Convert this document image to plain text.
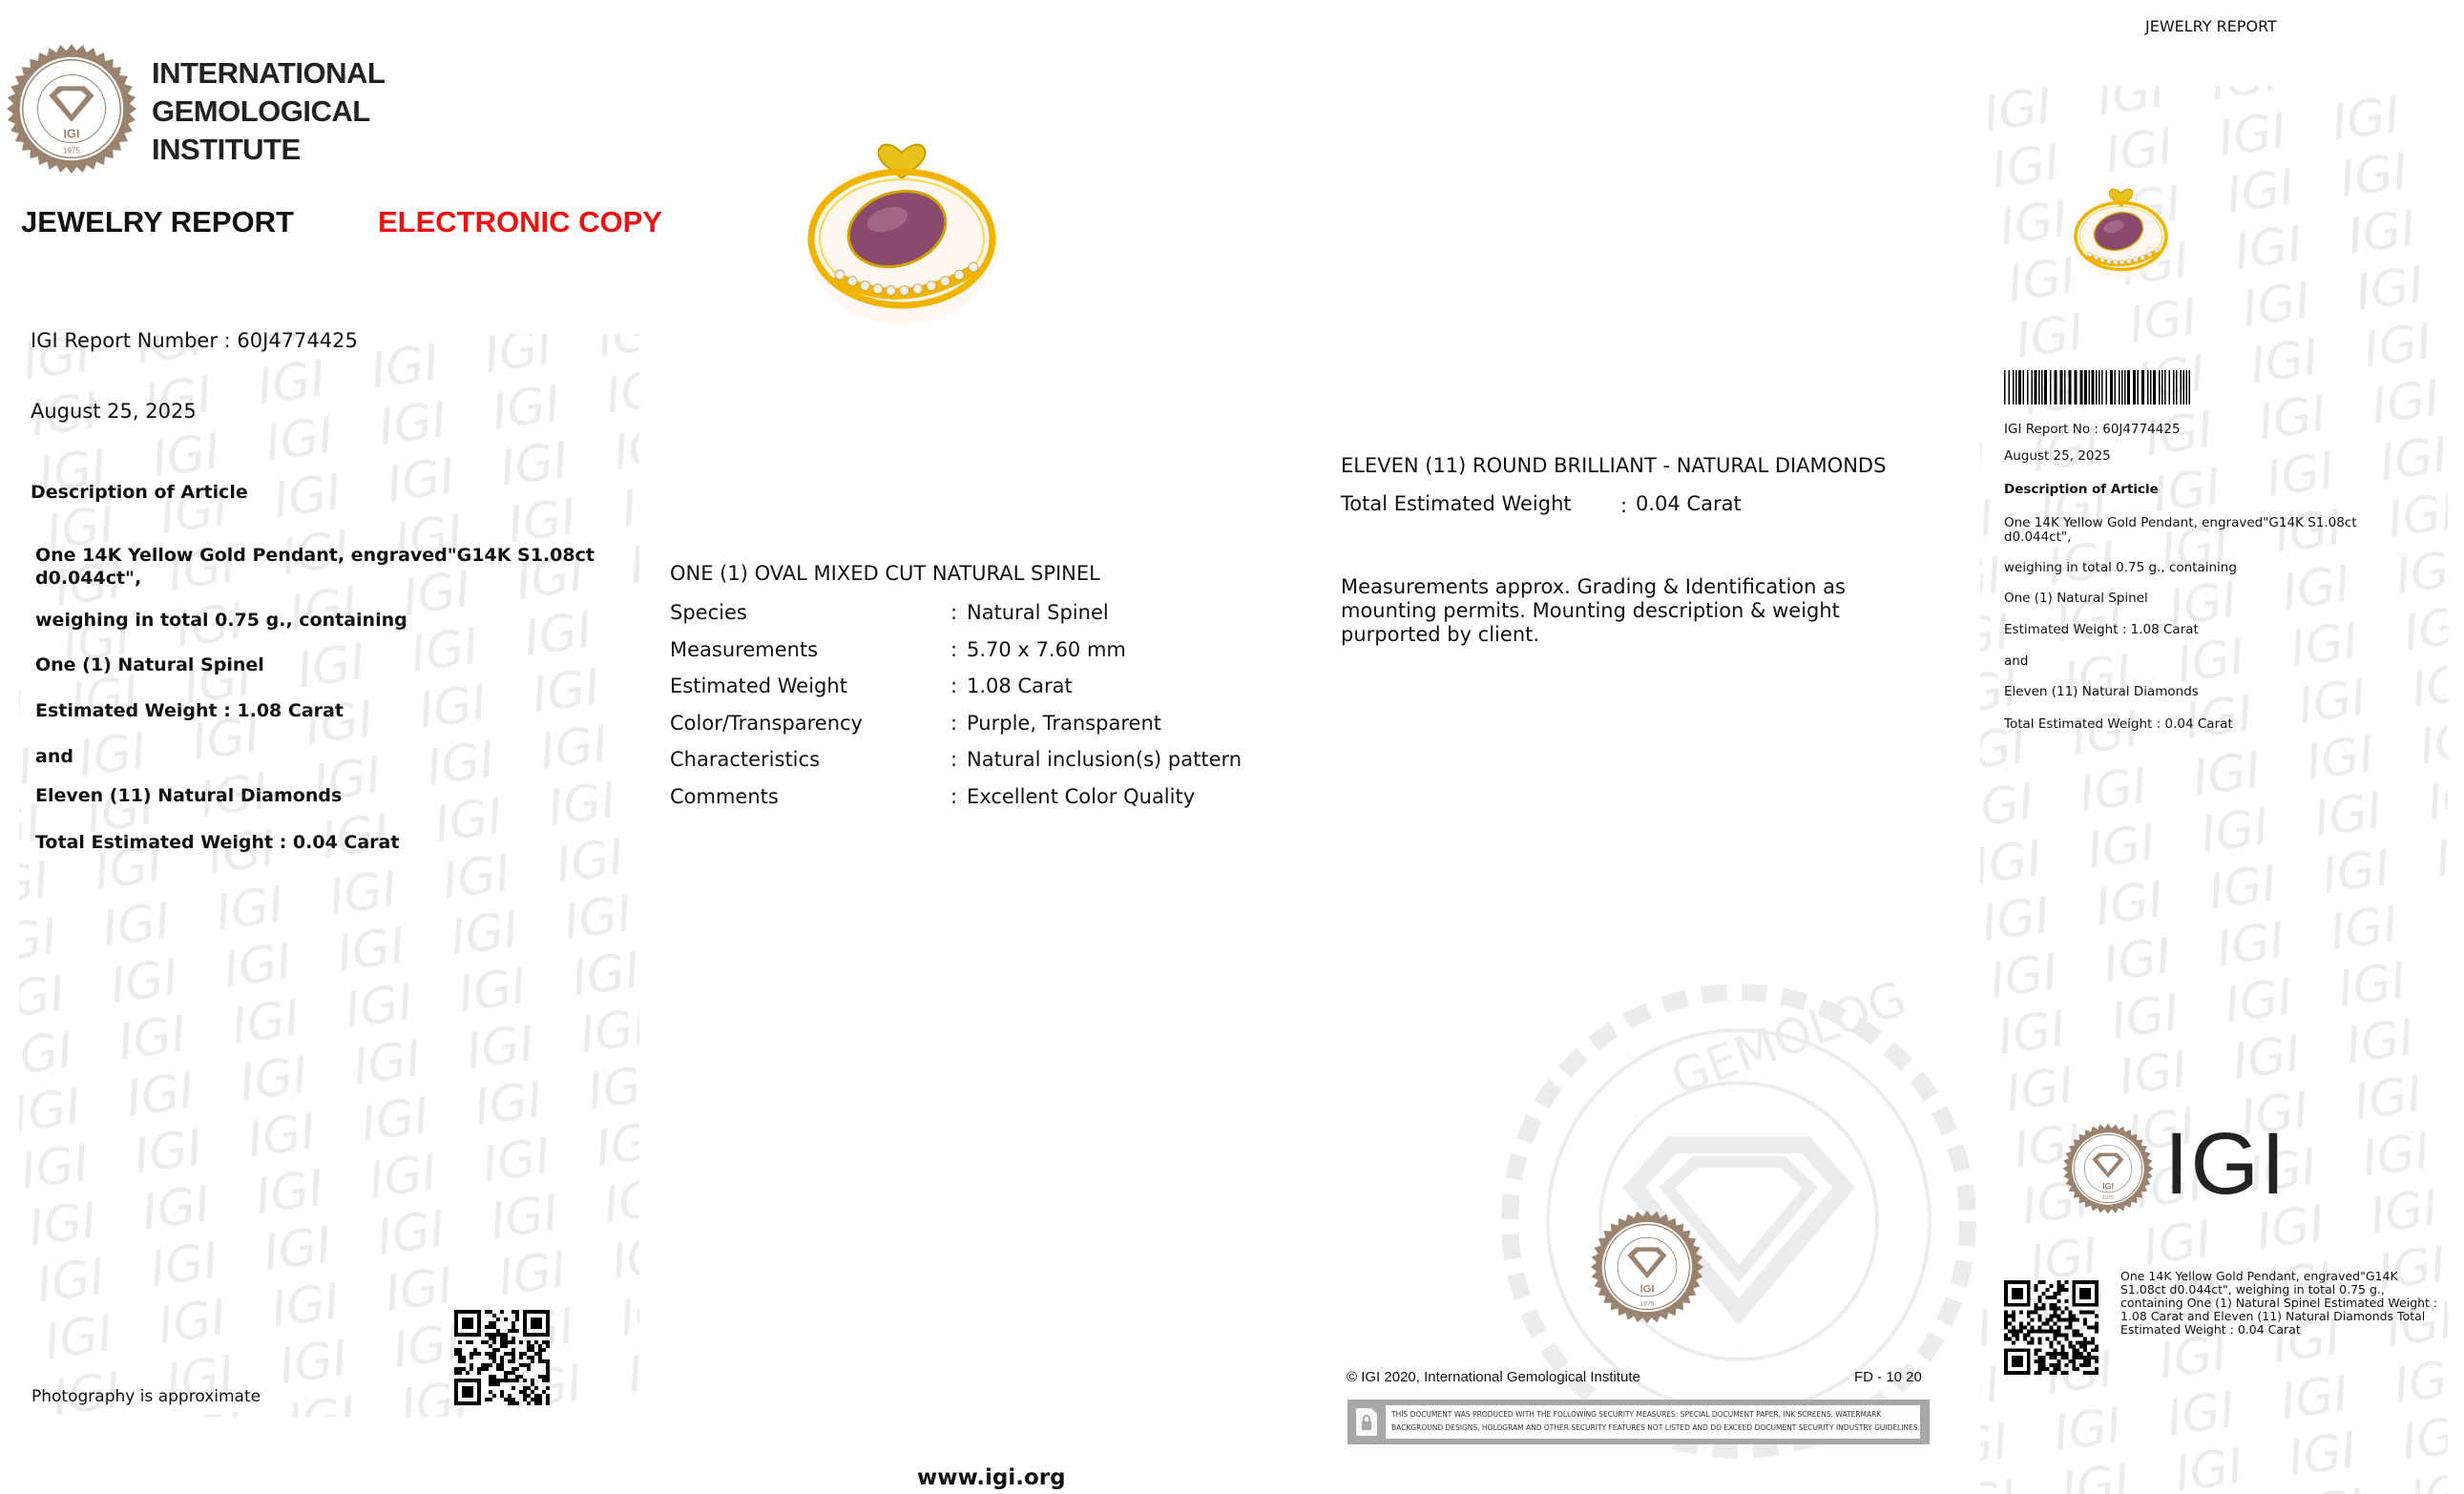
GEMOLOG
IGI
1975
INTERNATIONAL
GEMOLOGICAL
INSTITUTE
JEWELRY REPORT	ELECTRONIC COPY
IGI Report Number : 60J4774425
August 25, 2025
Description of Article
One 14K Yellow Gold Pendant, engraved"G14K S1.08ct d0.044ct",
weighing in total 0.75 g., containing
One (1) Natural Spinel
Estimated Weight : 1.08 Carat
and
Eleven (11) Natural Diamonds
Total Estimated Weight : 0.04 Carat
Photography is approximate
ONE (1) OVAL MIXED CUT NATURAL SPINEL
Species	: Natural Spinel
Measurements	: 5.70 x 7.60 mm
Estimated Weight	: 1.08 Carat
Color/Transparency	: Purple, Transparent
Characteristics	: Natural inclusion(s) pattern
Comments	: Excellent Color Quality
ELEVEN (11) ROUND BRILLIANT - NATURAL DIAMONDS
Total Estimated Weight : 0.04 Carat
Measurements approx. Grading & Identification as
mounting permits. Mounting description & weight
purported by client.
IGI
1975
© IGI 2020, International Gemological Institute	FD - 10 20
THIS DOCUMENT WAS PRODUCED WITH THE FOLLOWING SECURITY MEASURES: SPECIAL DOCUMENT PAPER, INK SCREENS, WATERMARK
BACKGROUND DESIGNS, HOLOGRAM AND OTHER SECURITY FEATURES NOT LISTED AND DO EXCEED DOCUMENT SECURITY INDUSTRY GUIDELINES.
www.igi.org
JEWELRY REPORT
IGI Report No : 60J4774425
August 25, 2025
Description of Article
One 14K Yellow Gold Pendant, engraved"G14K S1.08ct
d0.044ct",
weighing in total 0.75 g., containing
One (1) Natural Spinel
Estimated Weight : 1.08 Carat
and
Eleven (11) Natural Diamonds
Total Estimated Weight : 0.04 Carat
IGI
1975 IGI
One 14K Yellow Gold Pendant, engraved"G14K S1.08ct d0.044ct", weighing in total 0.75 g., containing One (1) Natural Spinel Estimated Weight : 1.08 Carat and Eleven (11) Natural Diamonds Total Estimated Weight : 0.04 Carat
